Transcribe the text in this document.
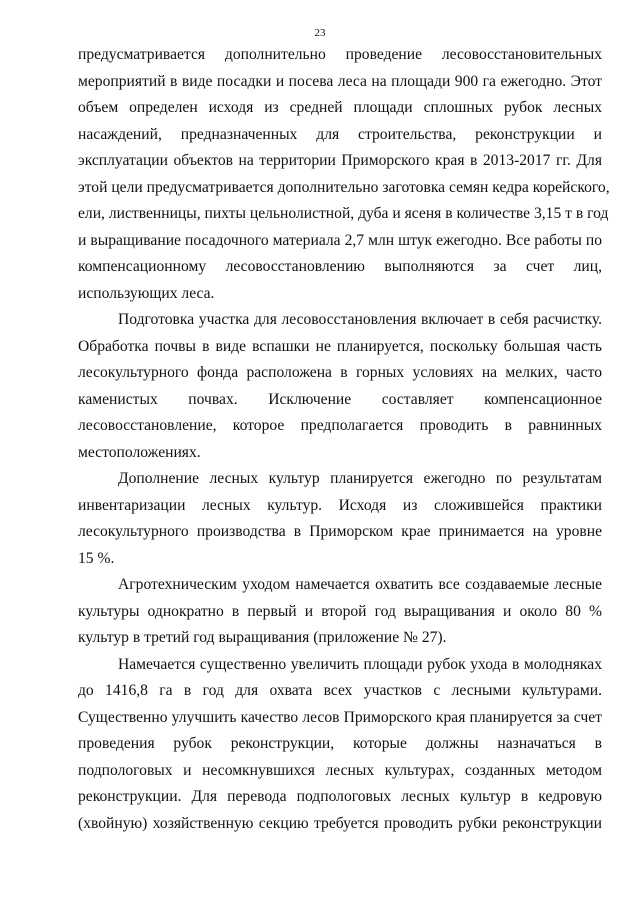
23

предусматривается дополнительно проведение лесовосстановительных
мероприятий в виде посадки и посева леса на площади 900 га ежегодно. Этот
объем определен исходя из средней площади сплошных рубок лесных
насаждений, предназначенных для строительства, реконструкции и
эксплуатации объектов на территории Приморского края в 2013-2017 гг. Для
этой цели предусматривается дополнительно заготовка семян кедра корейского,
ели, лиственницы, пихты цельнолистной, дуба и ясеня в количестве 3,15 т в год
и выращивание посадочного материала 2,7 млн штук ежегодно. Все работы по
компенсационному лесовосстановлению выполняются за счет лиц,
использующих леса.

Подготовка участка для лесовосстановления включает в себя расчистку.
Обработка почвы в виде вспашки не планируется, поскольку большая часть
лесокультурного фонда расположена в горных условиях на мелких, часто
каменистых почвах. Исключение составляет компенсационное
лесовосстановление, которое предполагается проводить в равнинных
местоположениях.

Дополнение лесных культур планируется ежегодно по результатам
инвентаризации лесных культур. Исходя из сложившейся практики
лесокультурного производства в Приморском крае принимается на уровне
15 %.

Агротехническим уходом намечается охватить все создаваемые лесные
культуры однократно в первый и второй год выращивания и около 80 %
культур в третий год выращивания (приложение № 27).

Намечается существенно увеличить площади рубок ухода в молодняках
до 1416,8 га в год для охвата всех участков с лесными культурами.
Существенно улучшить качество лесов Приморского края планируется за счет
проведения рубок реконструкции, которые должны назначаться в
подпологовых и несомкнувшихся лесных культурах, созданных методом
реконструкции. Для перевода подпологовых лесных культур в кедровую
(хвойную) хозяйственную секцию требуется проводить рубки реконструкции
